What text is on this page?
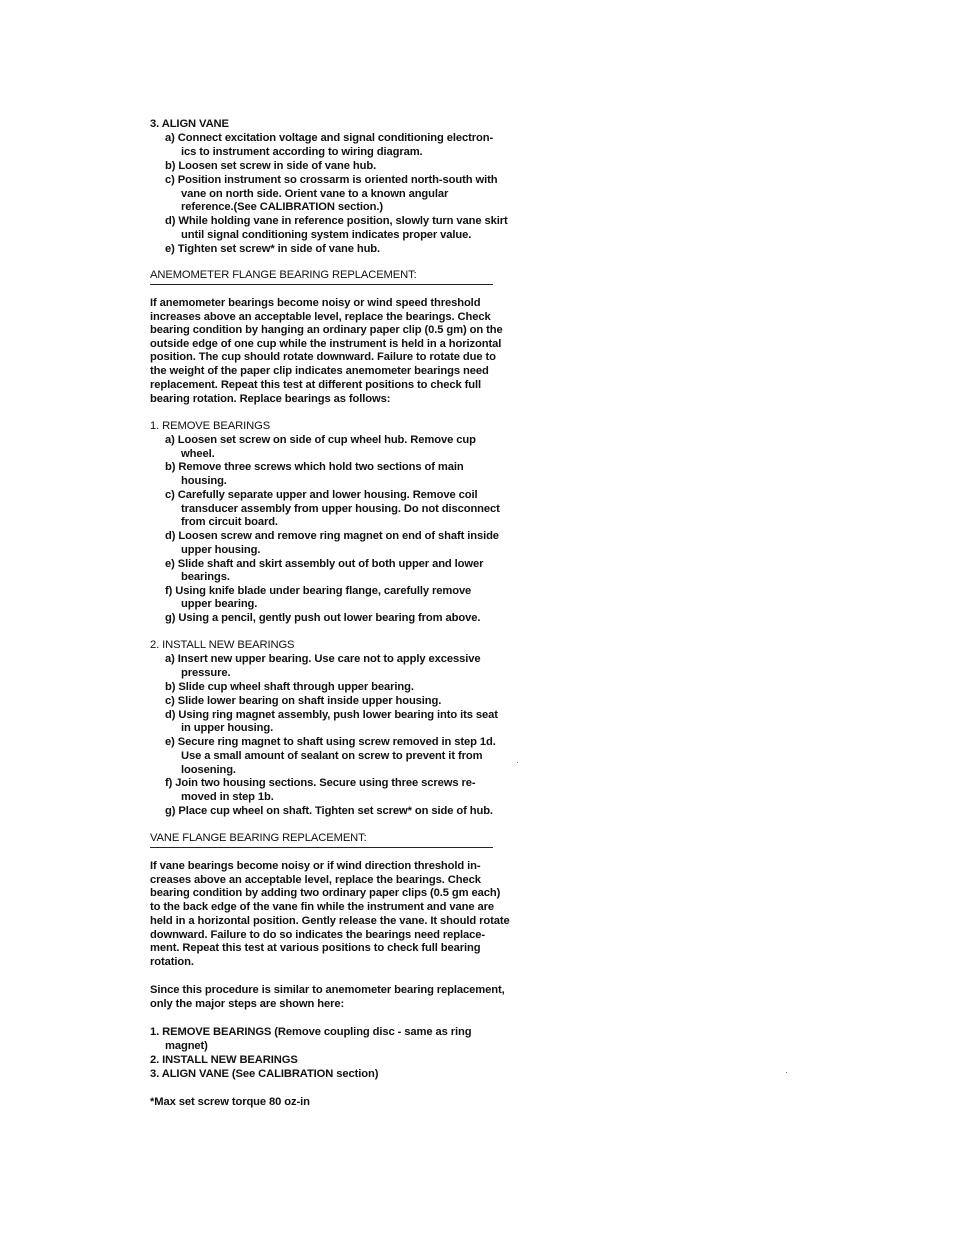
3. ALIGN VANE
a) Connect excitation voltage and signal conditioning electron-
ics to instrument according to wiring diagram.
b) Loosen set screw in side of vane hub.
c) Position instrument so crossarm is oriented north-south with
vane on north side. Orient vane to a known angular
reference.(See CALIBRATION section.)
d) While holding vane in reference position, slowly turn vane skirt
until signal conditioning system indicates proper value.
e) Tighten set screw* in side of vane hub.
ANEMOMETER FLANGE BEARING REPLACEMENT:
If anemometer bearings become noisy or wind speed threshold
increases above an acceptable level, replace the bearings. Check
bearing condition by hanging an ordinary paper clip (0.5 gm) on the
outside edge of one cup while the instrument is held in a horizontal
position. The cup should rotate downward. Failure to rotate due to
the weight of the paper clip indicates anemometer bearings need
replacement. Repeat this test at different positions to check full
bearing rotation. Replace bearings as follows:
1. REMOVE BEARINGS
a) Loosen set screw on side of cup wheel hub. Remove cup
wheel.
b) Remove three screws which hold two sections of main
housing.
c) Carefully separate upper and lower housing. Remove coil
transducer assembly from upper housing. Do not disconnect
from circuit board.
d) Loosen screw and remove ring magnet on end of shaft inside
upper housing.
e) Slide shaft and skirt assembly out of both upper and lower
bearings.
f) Using knife blade under bearing flange, carefully remove
upper bearing.
g) Using a pencil, gently push out lower bearing from above.
2. INSTALL NEW BEARINGS
a) Insert new upper bearing. Use care not to apply excessive
pressure.
b) Slide cup wheel shaft through upper bearing.
c) Slide lower bearing on shaft inside upper housing.
d) Using ring magnet assembly, push lower bearing into its seat
in upper housing.
e) Secure ring magnet to shaft using screw removed in step 1d.
Use a small amount of sealant on screw to prevent it from
loosening.
f) Join two housing sections. Secure using three screws re-
moved in step 1b.
g) Place cup wheel on shaft. Tighten set screw* on side of hub.
VANE FLANGE BEARING REPLACEMENT:
If vane bearings become noisy or if wind direction threshold in-
creases above an acceptable level, replace the bearings. Check
bearing condition by adding two ordinary paper clips (0.5 gm each)
to the back edge of the vane fin while the instrument and vane are
held in a horizontal position. Gently release the vane. It should rotate
downward. Failure to do so indicates the bearings need replace-
ment. Repeat this test at various positions to check full bearing
rotation.
Since this procedure is similar to anemometer bearing replacement,
only the major steps are shown here:
1. REMOVE BEARINGS (Remove coupling disc - same as ring
magnet)
2. INSTALL NEW BEARINGS
3. ALIGN VANE (See CALIBRATION section)
*Max set screw torque 80 oz-in
